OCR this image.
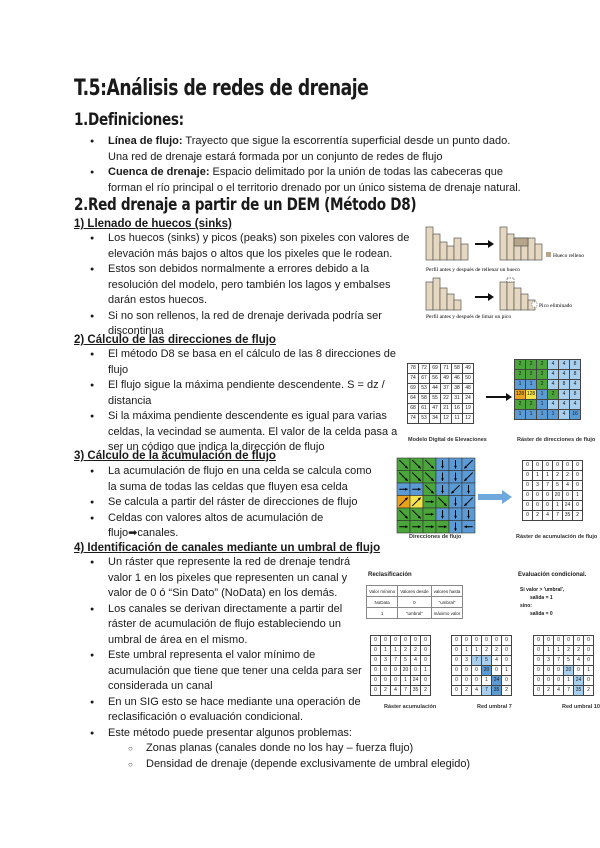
T.5:Análisis de redes de drenaje
1.Definiciones:
● Línea de flujo: Trayecto que sigue la escorrentía superficial desde un punto dado. Una red de drenaje estará formada por un conjunto de redes de flujo
● Cuenca de drenaje: Espacio delimitado por la unión de todas las cabeceras que forman el río principal o el territorio drenado por un único sistema de drenaje natural.
2.Red drenaje a partir de un DEM (Método D8)
1) Llenado de huecos (sinks)
● Los huecos (sinks) y picos (peaks) son pixeles con valores de elevación más bajos o altos que los pixeles que le rodean.
● Estos son debidos normalmente a errores debido a la resolución del modelo, pero también los lagos y embalses darán estos huecos.
● Si no son rellenos, la red de drenaje derivada podría ser discontinua
Hueco relleno
Perfil antes y después de rellenar un hueco
Pico eliminado
Perfil antes y después de limar un pico
2) Cálculo de las direcciones de flujo
● El método D8 se basa en el cálculo de las 8 direcciones de flujo
● El flujo sigue la máxima pendiente descendente. S = dz / distancia
● Si la máxima pendiente descendente es igual para varias celdas, la vecindad se aumenta. El valor de la celda pasa a ser un código que indica la dirección de flujo
78	72	69	71	58	49
74	67	56	49	46	50
69	53	44	37	38	48
64	58	55	22	31	24
68	61	47	21	16	19
74	53	34	12	11	12
Modelo Digital de Elevaciones
2	2	2	4	4	8
2	2	2	4	4	8
1	1	2	4	8	4
128	128	1	2	4	8
2	2	1	4	4	4
1	1	1	1	4	16
Ráster de direcciones de flujo
3) Cálculo de la acumulación de flujo
● La acumulación de flujo en una celda se calcula como la suma de todas las celdas que fluyen esa celda
● Se calcula a partir del ráster de direcciones de flujo
● Celdas con valores altos de acumulación de flujo➡canales.	Direcciones de flujo
0	0	0	0	0	0
0	1	1	2	2	0
0	3	7	5	4	0
0	0	0	20	0	1
0	0	0	1	24	0
0	2	4	7	35	2
Ráster de acumulación de flujo
4) Identificación de canales mediante un umbral de flujo
● Un ráster que represente la red de drenaje tendrá valor 1 en los pixeles que representen un canal y valor de 0 ó “Sin Dato” (NoData) en los demás.
● Los canales se derivan directamente a partir del ráster de acumulación de flujo estableciendo un umbral de área en el mismo.
● Este umbral representa el valor mínimo de acumulación que tiene que tener una celda para ser considerada un canal
● En un SIG esto se hace mediante una operación de reclasificación o evaluación condicional.
● Este método puede presentar algunos problemas:
○ Zonas planas (canales donde no los hay – fuerza flujo)
○ Densidad de drenaje (depende exclusivamente de umbral elegido)
Reclasificación
Valor mínimo	Valores desde	valores hasta
NoData	0	"umbral"
1	"umbral"	máximo valor
Evaluación condicional.
Si valor > 'umbral',
salida = 1
sino:
salida = 0
0	0	0	0	0	0
0	1	1	2	2	0
0	3	7	5	4	0
0	0	0	20	0	1
0	0	0	1	24	0
0	2	4	7	35	2
0	0	0	0	0	0
0	1	1	2	2	0
0	3	7	5	4	0
0	0	0	20	0	1
0	0	0	1	24	0
0	2	4	7	35	2
0	0	0	0	0	0
0	1	1	2	2	0
0	3	7	5	4	0
0	0	0	20	0	1
0	0	0	1	24	0
0	2	4	7	35	2
Ráster acumulación	Red umbral 7	Red umbral 10
